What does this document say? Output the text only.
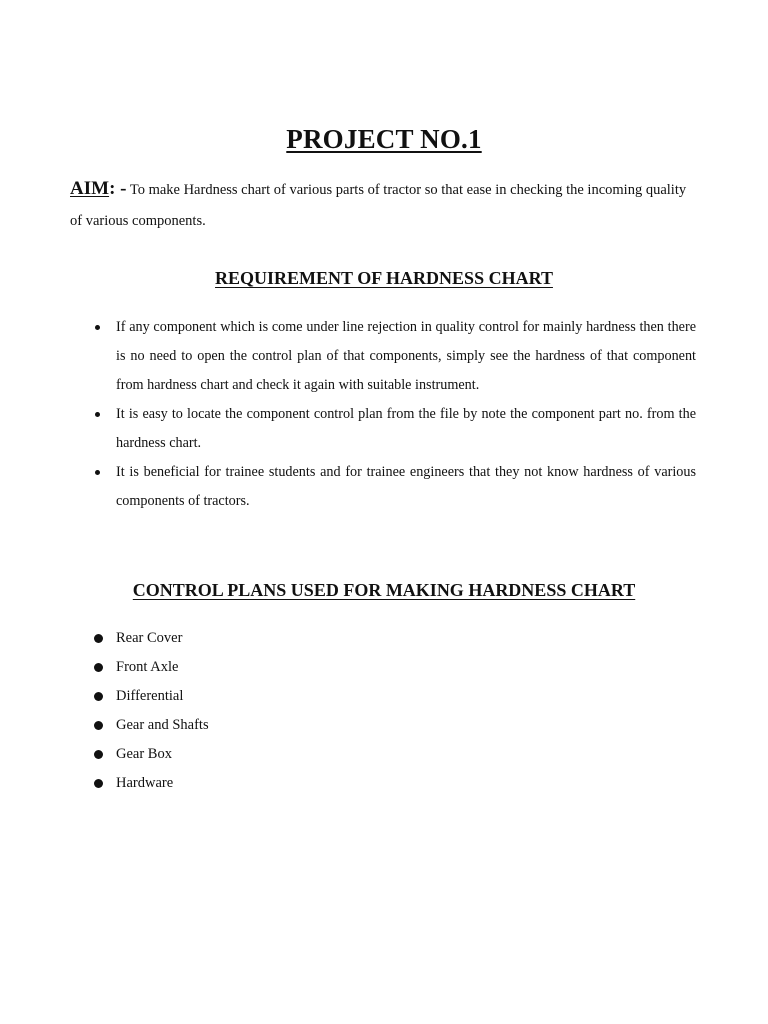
PROJECT NO.1
AIM: - To make Hardness chart of various parts of tractor so that ease in checking the incoming quality of various components.
REQUIREMENT OF HARDNESS CHART
If any component which is come under line rejection in quality control for mainly hardness then there is no need to open the control plan of that components, simply see the hardness of that component from hardness chart and check it again with suitable instrument.
It is easy to locate the component control plan from the file by note the component part no. from the hardness chart.
It is beneficial for trainee students and for trainee engineers that they not know hardness of various components of tractors.
CONTROL PLANS USED FOR MAKING HARDNESS CHART
Rear Cover
Front Axle
Differential
Gear and Shafts
Gear Box
Hardware
